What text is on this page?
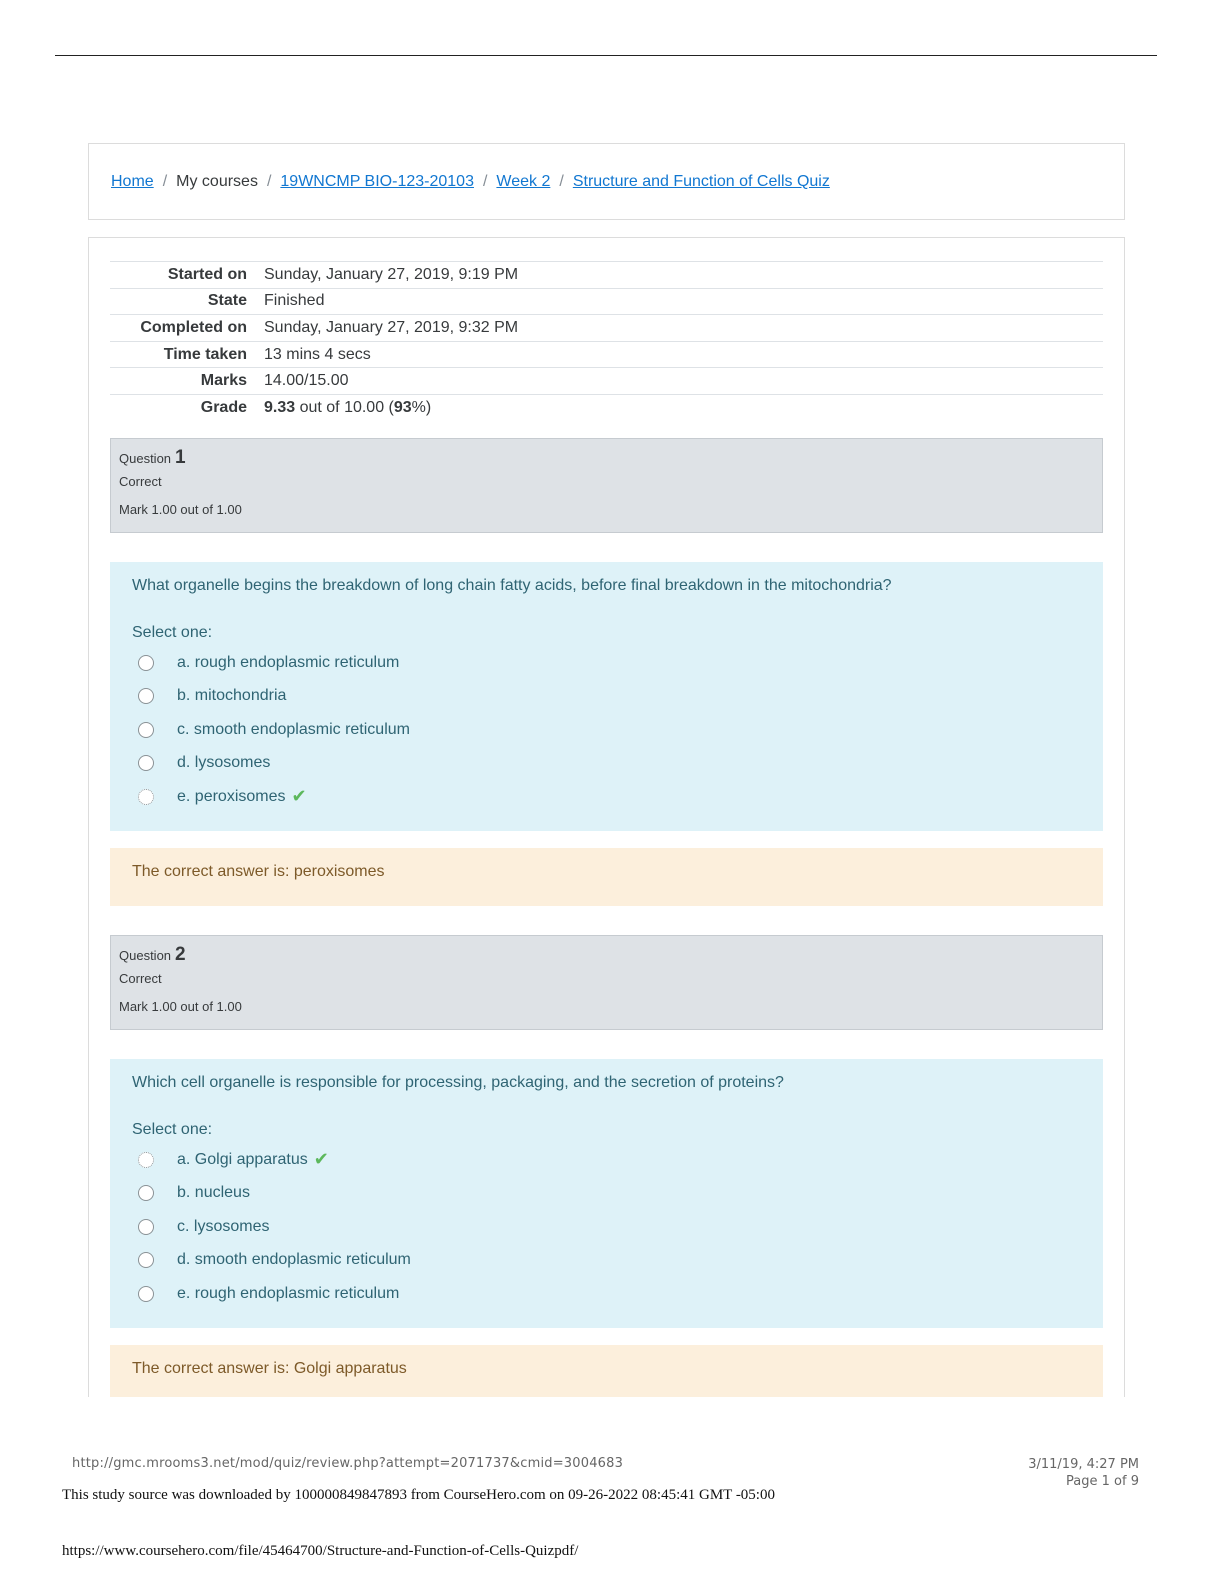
Home / My courses / 19WNCMP BIO-123-20103 / Week 2 / Structure and Function of Cells Quiz
Started on	Sunday, January 27, 2019, 9:19 PM
State	Finished
Completed on	Sunday, January 27, 2019, 9:32 PM
Time taken	13 mins 4 secs
Marks	14.00/15.00
Grade	9.33 out of 10.00 (93%)
Question 1
Correct
Mark 1.00 out of 1.00
What organelle begins the breakdown of long chain fatty acids, before final breakdown in the mitochondria?
Select one:
a. rough endoplasmic reticulum
b. mitochondria
c. smooth endoplasmic reticulum
d. lysosomes
e. peroxisomes ✔
The correct answer is: peroxisomes
Question 2
Correct
Mark 1.00 out of 1.00
Which cell organelle is responsible for processing, packaging, and the secretion of proteins?
Select one:
a. Golgi apparatus ✔
b. nucleus
c. lysosomes
d. smooth endoplasmic reticulum
e. rough endoplasmic reticulum
The correct answer is: Golgi apparatus
http://gmc.mrooms3.net/mod/quiz/review.php?attempt=2071737&cmid=3004683	3/11/19, 4:27 PM
Page 1 of 9
This study source was downloaded by 100000849847893 from CourseHero.com on 09-26-2022 08:45:41 GMT -05:00
https://www.coursehero.com/file/45464700/Structure-and-Function-of-Cells-Quizpdf/
